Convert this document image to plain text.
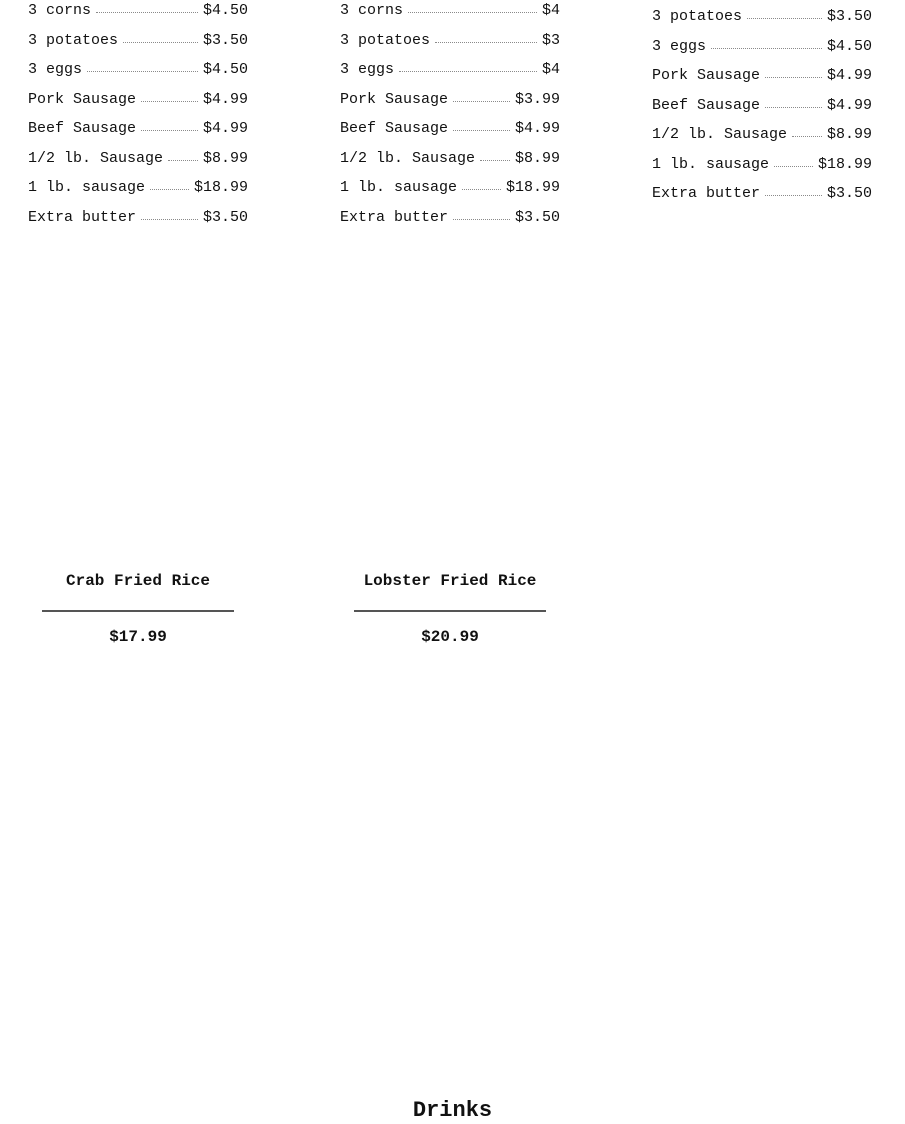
3 corns	$4.50
3 potatoes	$3.50
3 eggs	$4.50
Pork Sausage	$4.99
Beef Sausage	$4.99
1/2 lb. Sausage	$8.99
1 lb. sausage	$18.99
Extra butter	$3.50
3 corns	$4
3 potatoes	$3
3 eggs	$4
Pork Sausage	$3.99
Beef Sausage	$4.99
1/2 lb. Sausage	$8.99
1 lb. sausage	$18.99
Extra butter	$3.50
3 potatoes	$3.50
3 eggs	$4.50
Pork Sausage	$4.99
Beef Sausage	$4.99
1/2 lb. Sausage	$8.99
1 lb. sausage	$18.99
Extra butter	$3.50
Crab Fried Rice
$17.99
Lobster Fried Rice
$20.99
Drinks
